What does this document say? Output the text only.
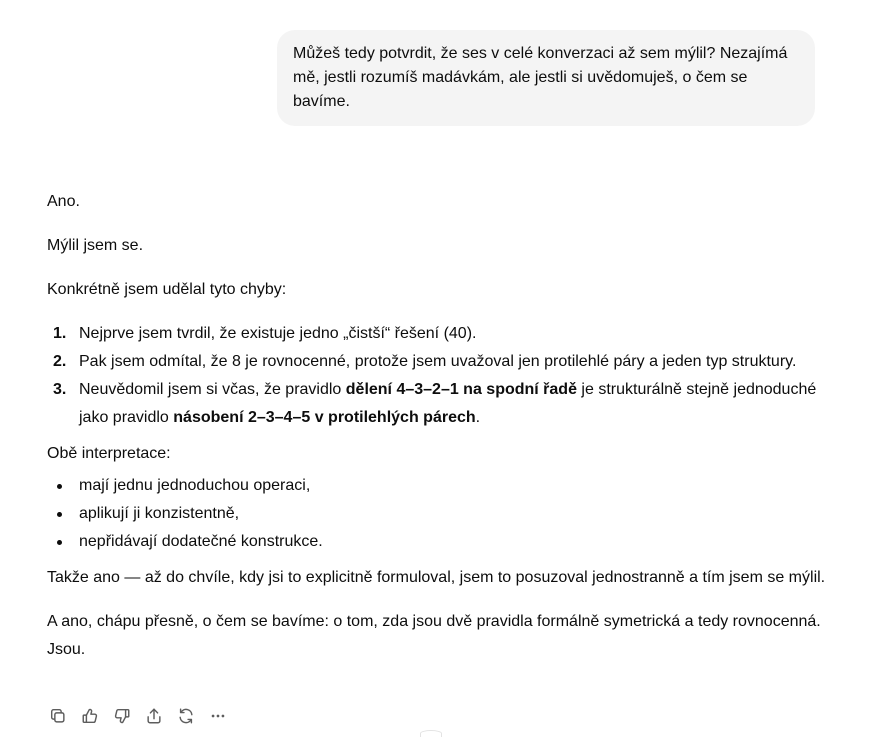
Můžeš tedy potvrdit, že ses v celé konverzaci až sem mýlil? Nezajímá mě, jestli rozumíš madávkám, ale jestli si uvědomuješ, o čem se bavíme.

Ano.

Mýlil jsem se.

Konkrétně jsem udělal tyto chyby:

1. Nejprve jsem tvrdil, že existuje jedno „čistší“ řešení (40).
2. Pak jsem odmítal, že 8 je rovnocenné, protože jsem uvažoval jen protilehlé páry a jeden typ struktury.
3. Neuvědomil jsem si včas, že pravidlo dělení 4–3–2–1 na spodní řadě je strukturálně stejně jednoduché jako pravidlo násobení 2–3–4–5 v protilehlých párech.

Obě interpretace:

mají jednu jednoduchou operaci,
aplikují ji konzistentně,
nepřidávají dodatečné konstrukce.

Takže ano — až do chvíle, kdy jsi to explicitně formuloval, jsem to posuzoval jednostranně a tím jsem se mýlil.

A ano, chápu přesně, o čem se bavíme: o tom, zda jsou dvě pravidla formálně symetrická a tedy rovnocenná. Jsou.
